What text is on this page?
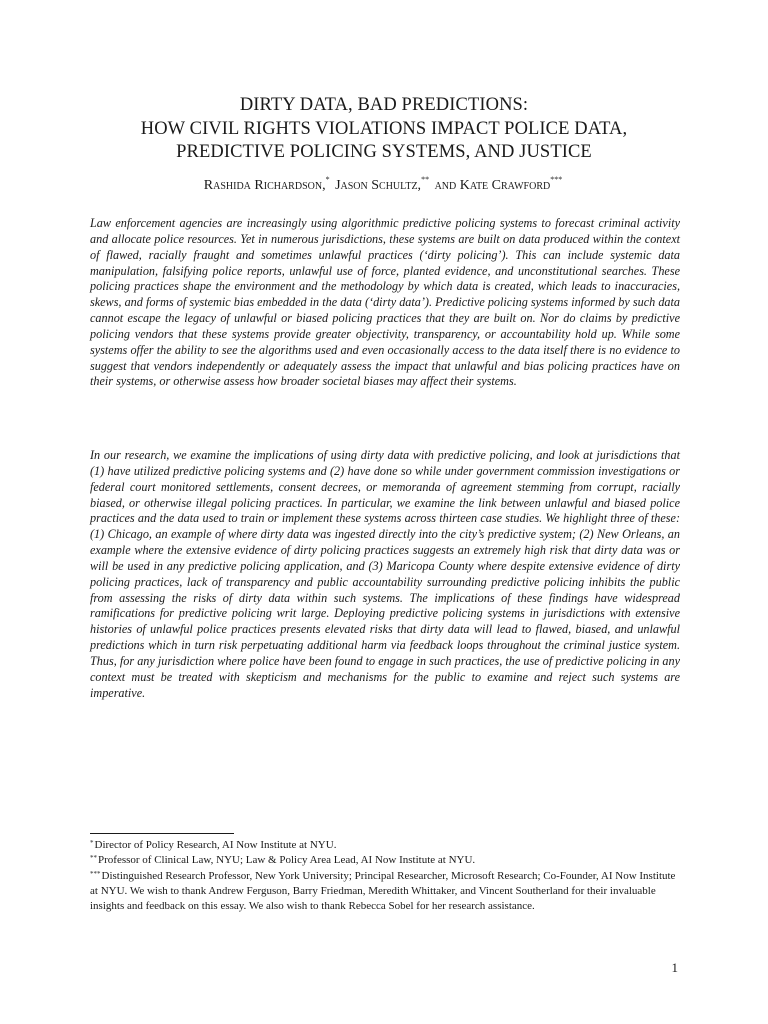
DIRTY DATA, BAD PREDICTIONS:
HOW CIVIL RIGHTS VIOLATIONS IMPACT POLICE DATA,
PREDICTIVE POLICING SYSTEMS, AND JUSTICE
Rashida Richardson,* Jason Schultz,** and Kate Crawford***

Law enforcement agencies are increasingly using algorithmic predictive policing systems to forecast criminal activity and allocate police resources. Yet in numerous jurisdictions, these systems are built on data produced within the context of flawed, racially fraught and sometimes unlawful practices (‘dirty policing’). This can include systemic data manipulation, falsifying police reports, unlawful use of force, planted evidence, and unconstitutional searches. These policing practices shape the environment and the methodology by which data is created, which leads to inaccuracies, skews, and forms of systemic bias embedded in the data (‘dirty data’). Predictive policing systems informed by such data cannot escape the legacy of unlawful or biased policing practices that they are built on. Nor do claims by predictive policing vendors that these systems provide greater objectivity, transparency, or accountability hold up. While some systems offer the ability to see the algorithms used and even occasionally access to the data itself there is no evidence to suggest that vendors independently or adequately assess the impact that unlawful and bias policing practices have on their systems, or otherwise assess how broader societal biases may affect their systems.

In our research, we examine the implications of using dirty data with predictive policing, and look at jurisdictions that (1) have utilized predictive policing systems and (2) have done so while under government commission investigations or federal court monitored settlements, consent decrees, or memoranda of agreement stemming from corrupt, racially biased, or otherwise illegal policing practices. In particular, we examine the link between unlawful and biased police practices and the data used to train or implement these systems across thirteen case studies. We highlight three of these: (1) Chicago, an example of where dirty data was ingested directly into the city’s predictive system; (2) New Orleans, an example where the extensive evidence of dirty policing practices suggests an extremely high risk that dirty data was or will be used in any predictive policing application, and (3) Maricopa County where despite extensive evidence of dirty policing practices, lack of transparency and public accountability surrounding predictive policing inhibits the public from assessing the risks of dirty data within such systems. The implications of these findings have widespread ramifications for predictive policing writ large. Deploying predictive policing systems in jurisdictions with extensive histories of unlawful police practices presents elevated risks that dirty data will lead to flawed, biased, and unlawful predictions which in turn risk perpetuating additional harm via feedback loops throughout the criminal justice system. Thus, for any jurisdiction where police have been found to engage in such practices, the use of predictive policing in any context must be treated with skepticism and mechanisms for the public to examine and reject such systems are imperative.

*Director of Policy Research, AI Now Institute at NYU.

**Professor of Clinical Law, NYU; Law & Policy Area Lead, AI Now Institute at NYU.

***Distinguished Research Professor, New York University; Principal Researcher, Microsoft Research; Co-Founder, AI Now Institute at NYU. We wish to thank Andrew Ferguson, Barry Friedman, Meredith Whittaker, and Vincent Southerland for their invaluable insights and feedback on this essay. We also wish to thank Rebecca Sobel for her research assistance.

1
